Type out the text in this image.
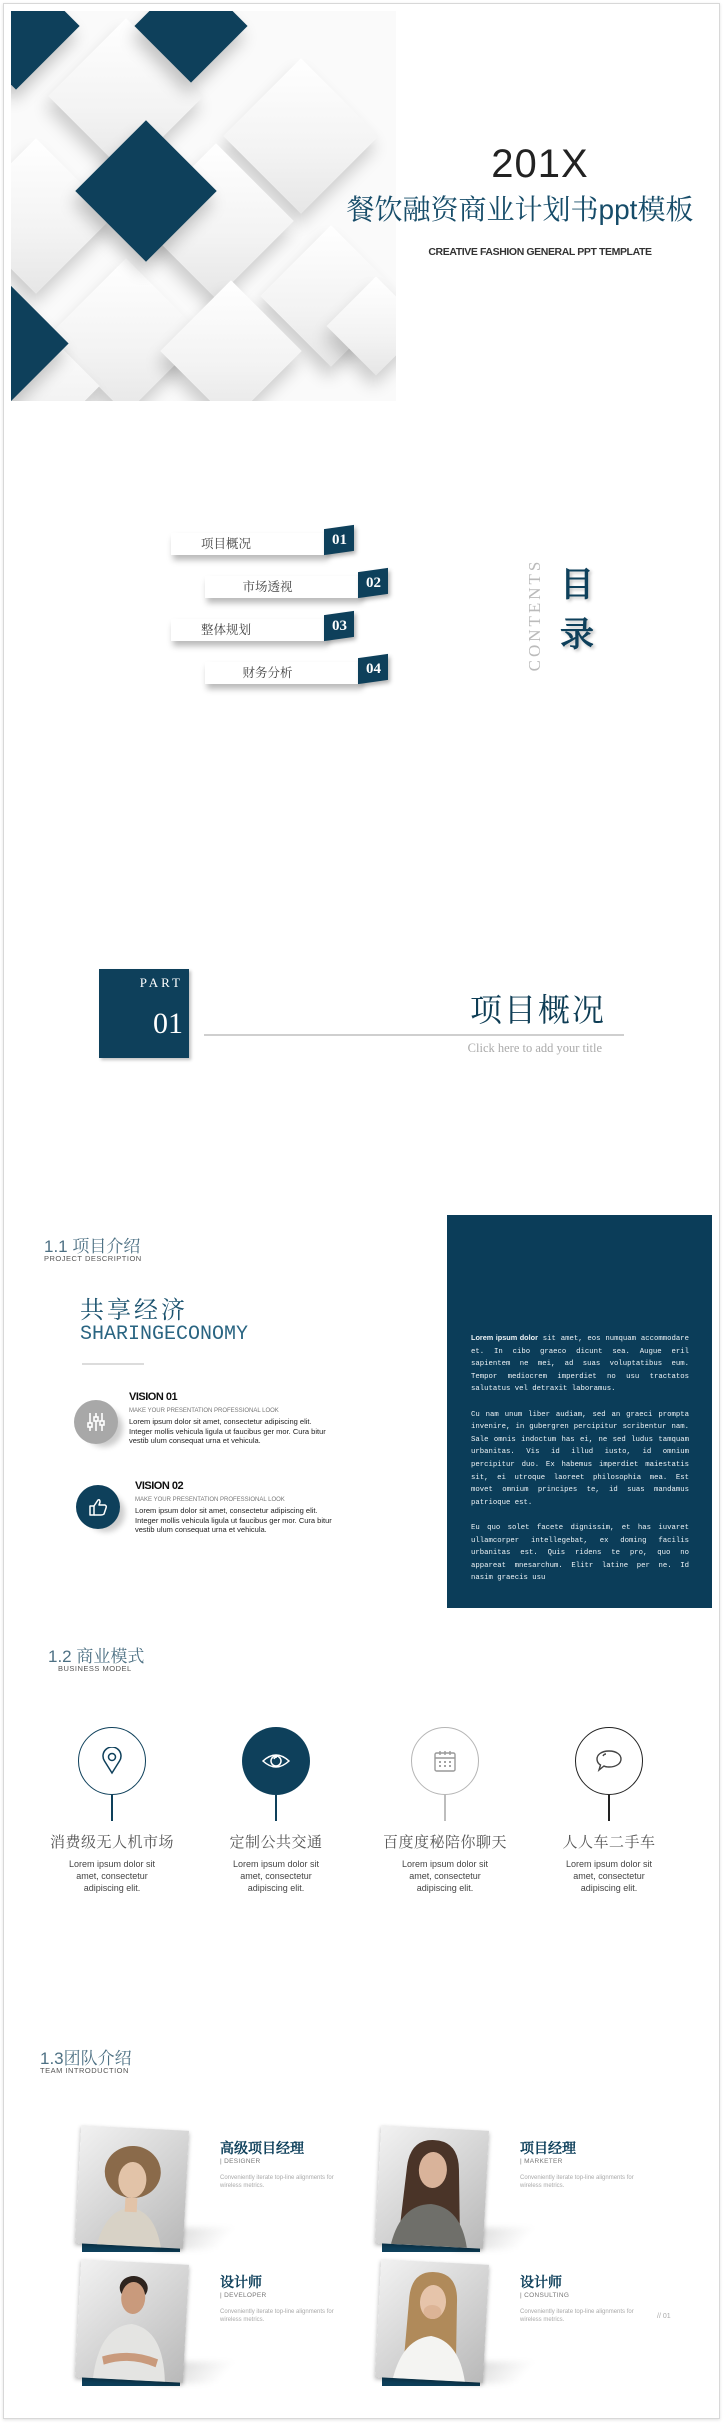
201X
餐饮融资商业计划书ppt模板
CREATIVE FASHION GENERAL PPT TEMPLATE
项目概况	01
市场透视	02
整体规划	03
财务分析	04	CONTENTS 目录
PART
01	项目概况
Click here to add your title
1.1 项目介绍
PROJECT DESCRIPTION
共享经济
SHARINGECONOMY
VISION 01
MAKE YOUR PRESENTATION PROFESSIONAL LOOK
Lorem ipsum dolor sit amet, consectetur adipiscing elit. Integer mollis vehicula ligula ut faucibus ger mor. Cura bitur vestib ulum consequat urna et vehicula.
VISION 02
MAKE YOUR PRESENTATION PROFESSIONAL LOOK
Lorem ipsum dolor sit amet, consectetur adipiscing elit. Integer mollis vehicula ligula ut faucibus ger mor. Cura bitur vestib ulum consequat urna et vehicula.

Lorem ipsum dolor sit amet, eos numquam accommodare et. In cibo graeco dicunt sea. Augue eril sapientem ne mei, ad suas voluptatibus eum. Tempor mediocrem imperdiet no usu tractatos salutatus vel detraxit laboramus.

Cu nam unum liber audiam, sed an graeci prompta invenire, in gubergren percipitur scribentur nam. Sale omnis indoctum has ei, ne sed ludus tamquam urbanitas. Vis id illud iusto, id omnium percipitur duo. Ex habemus imperdiet maiestatis sit, ei utroque laoreet philosophia mea. Est movet omnium principes te, id suas mandamus patrioque est.

Eu quo solet facete dignissim, et has iuvaret ullamcorper intellegebat, ex doming facilis urbanitas est. Quis ridens te pro, quo no appareat mnesarchum. Elitr latine per ne. Id nasim graecis usu

1.2 商业模式
BUSINESS MODEL
消费级无人机市场
Lorem ipsum dolor sit amet, consectetur adipiscing elit.
定制公共交通
Lorem ipsum dolor sit amet, consectetur adipiscing elit.
百度度秘陪你聊天
Lorem ipsum dolor sit amet, consectetur adipiscing elit.
人人车二手车
Lorem ipsum dolor sit amet, consectetur adipiscing elit.
1.3团队介绍
TEAM INTRODUCTION
高级项目经理
| DESIGNER
Conveniently iterate top-line alignments for wireless metrics.
项目经理
| MARKETER
Conveniently iterate top-line alignments for wireless metrics.
设计师
| DEVELOPER
Conveniently iterate top-line alignments for wireless metrics.
设计师
| CONSULTING
Conveniently iterate top-line alignments for wireless metrics.	// 01
